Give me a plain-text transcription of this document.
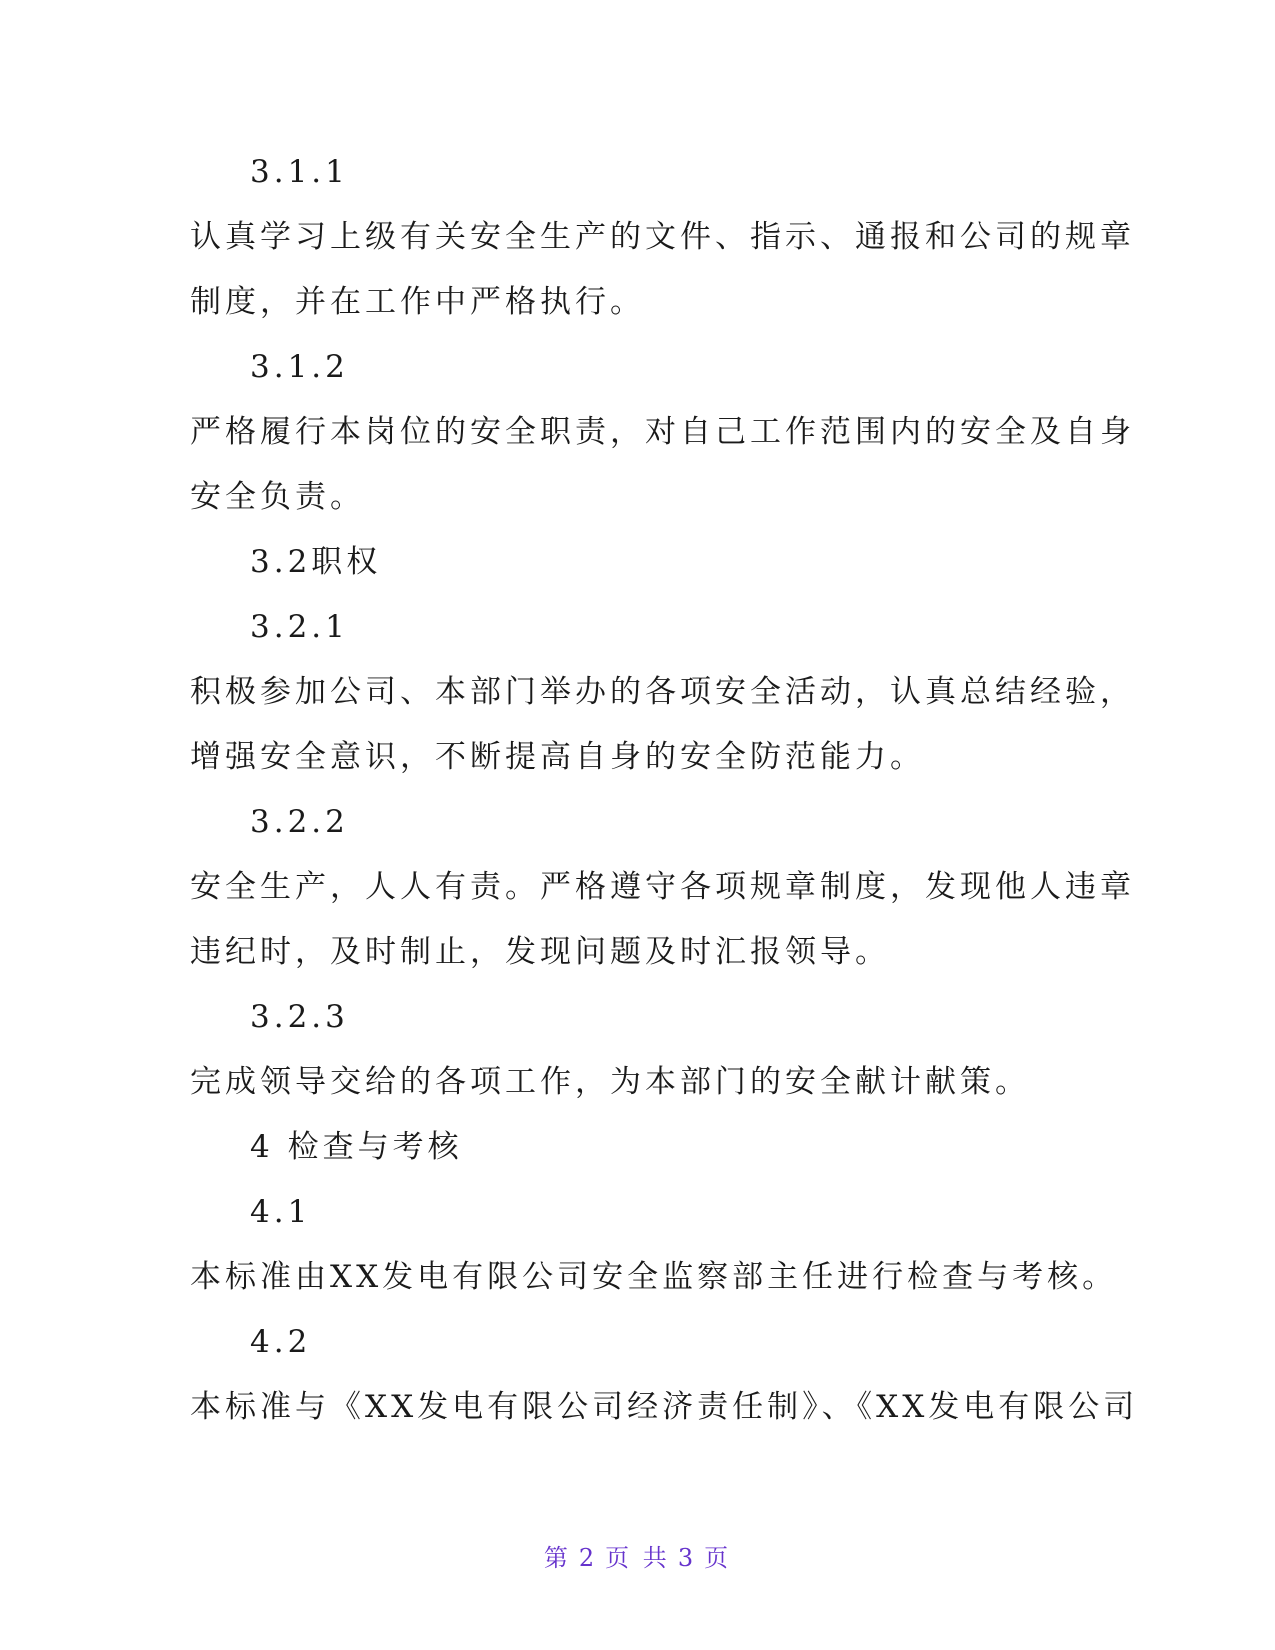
3.1.1
认真学习上级有关安全生产的文件、指示、通报和公司的规章
制度，并在工作中严格执行。
3.1.2
严格履行本岗位的安全职责，对自己工作范围内的安全及自身
安全负责。
3.2职权
3.2.1
积极参加公司、本部门举办的各项安全活动，认真总结经验，
增强安全意识，不断提高自身的安全防范能力。
3.2.2
安全生产，人人有责。严格遵守各项规章制度，发现他人违章
违纪时，及时制止，发现问题及时汇报领导。
3.2.3
完成领导交给的各项工作，为本部门的安全献计献策。
4 检查与考核
4.1
本标准由XX发电有限公司安全监察部主任进行检查与考核。
4.2
本标准与《XX发电有限公司经济责任制》、《XX发电有限公司
第 2 页 共 3 页
